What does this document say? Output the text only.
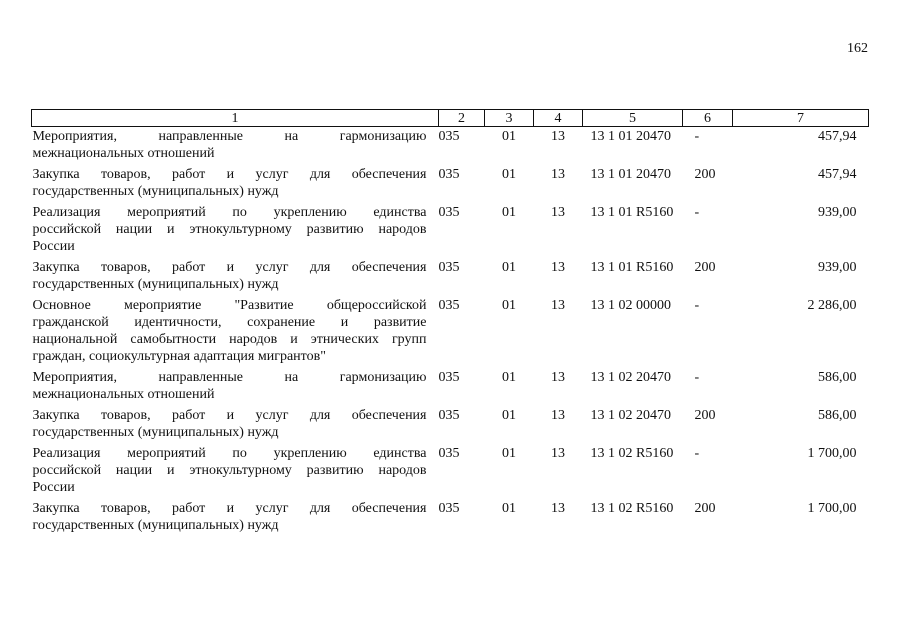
162
1	2	3	4	5	6	7

Мероприятия, направленные на гармонизацию
межнациональных отношений	035	01	13	13 1 01 20470	-	457,94

Закупка товаров, работ и услуг для обеспечения
государственных (муниципальных) нужд	035	01	13	13 1 01 20470	200	457,94

Реализация мероприятий по укреплению единства
российской нации и этнокультурному развитию народов
России	035	01	13	13 1 01 R5160	-	939,00

Закупка товаров, работ и услуг для обеспечения
государственных (муниципальных) нужд	035	01	13	13 1 01 R5160	200	939,00

Основное мероприятие "Развитие общероссийской
гражданской идентичности, сохранение и развитие
национальной самобытности народов и этнических групп
граждан, социокультурная адаптация мигрантов"	035	01	13	13 1 02 00000	-	2 286,00

Мероприятия, направленные на гармонизацию
межнациональных отношений	035	01	13	13 1 02 20470	-	586,00

Закупка товаров, работ и услуг для обеспечения
государственных (муниципальных) нужд	035	01	13	13 1 02 20470	200	586,00

Реализация мероприятий по укреплению единства
российской нации и этнокультурному развитию народов
России	035	01	13	13 1 02 R5160	-	1 700,00

Закупка товаров, работ и услуг для обеспечения
государственных (муниципальных) нужд	035	01	13	13 1 02 R5160	200	1 700,00
